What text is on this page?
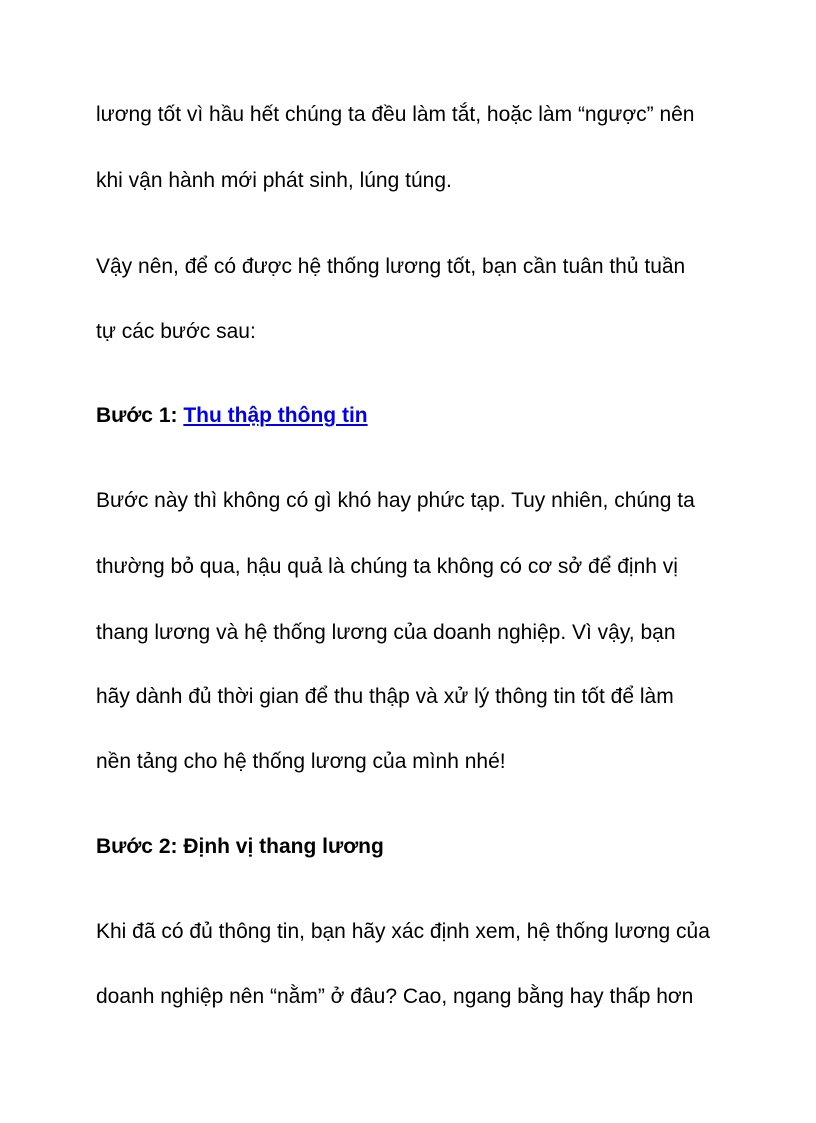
lương tốt vì hầu hết chúng ta đều làm tắt, hoặc làm “ngược” nên
khi vận hành mới phát sinh, lúng túng.
Vậy nên, để có được hệ thống lương tốt, bạn cần tuân thủ tuần
tự các bước sau:
Bước 1: Thu thập thông tin
Bước này thì không có gì khó hay phức tạp. Tuy nhiên, chúng ta
thường bỏ qua, hậu quả là chúng ta không có cơ sở để định vị
thang lương và hệ thống lương của doanh nghiệp. Vì vậy, bạn
hãy dành đủ thời gian để thu thập và xử lý thông tin tốt để làm
nền tảng cho hệ thống lương của mình nhé!
Bước 2: Định vị thang lương
Khi đã có đủ thông tin, bạn hãy xác định xem, hệ thống lương của
doanh nghiệp nên “nằm” ở đâu? Cao, ngang bằng hay thấp hơn
